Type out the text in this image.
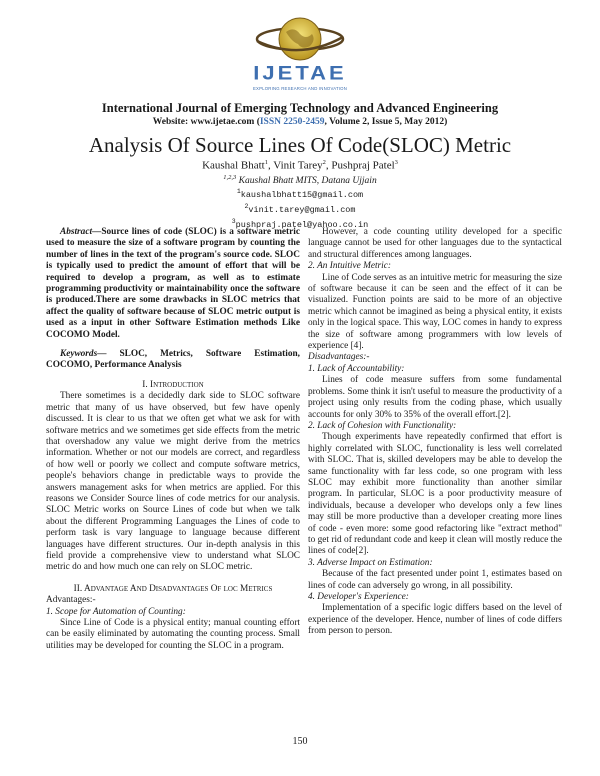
IJETAE
EXPLORING RESEARCH AND INNOVATION
International Journal of Emerging Technology and Advanced Engineering
Website: www.ijetae.com (ISSN 2250-2459, Volume 2, Issue 5, May 2012)
Analysis Of Source Lines Of Code(SLOC) Metric
Kaushal Bhatt$^1$, Vinit Tarey$^2$, Pushpraj Patel$^3$
$^{1,2,3}$ Kaushal Bhatt MITS, Datana Ujjain
$^1$kaushalbhatt15@gmail.com
$^2$vinit.tarey@gmail.com
$^3$pushpraj.patel@yahoo.co.in

Abstract—Source lines of code (SLOC) is a software metric used to measure the size of a software program by counting the number of lines in the text of the program's source code. SLOC is typically used to predict the amount of effort that will be required to develop a program, as well as to estimate programming productivity or maintainability once the software is produced.There are some drawbacks in SLOC metrics that affect the quality of software because of SLOC metric output is used as a input in other Software Estimation methods Like COCOMO Model.

Keywords— SLOC, Metrics, Software Estimation, COCOMO, Performance Analysis

I. Introduction

There sometimes is a decidedly dark side to SLOC software metric that many of us have observed, but few have openly discussed. It is clear to us that we often get what we ask for with software metrics and we sometimes get side effects from the metric that overshadow any value we might derive from the metrics information. Whether or not our models are correct, and regardless of how well or poorly we collect and compute software metrics, people's behaviors change in predictable ways to provide the answers management asks for when metrics are applied. For this reasons we Consider Source lines of code metrics for our analysis. SLOC Metric works on Source Lines of code but when we talk about the different Programming Languages the Lines of code to perform task is vary language to language because different languages have different structures. Our in-depth analysis in this field provide a comprehensive view to understand what SLOC metric do and how much one can rely on SLOC metric.

II. Advantage And Disadvantages Of loc Metrics

Advantages:-

1. Scope for Automation of Counting:

Since Line of Code is a physical entity; manual counting effort can be easily eliminated by automating the counting process. Small utilities may be developed for counting the SLOC in a program.

However, a code counting utility developed for a specific language cannot be used for other languages due to the syntactical and structural differences among languages.

2. An Intuitive Metric:

Line of Code serves as an intuitive metric for measuring the size of software because it can be seen and the effect of it can be visualized. Function points are said to be more of an objective metric which cannot be imagined as being a physical entity, it exists only in the logical space. This way, LOC comes in handy to express the size of software among programmers with low levels of experience [4].

Disadvantages:-

1. Lack of Accountability:

Lines of code measure suffers from some fundamental problems. Some think it isn't useful to measure the productivity of a project using only results from the coding phase, which usually accounts for only 30% to 35% of the overall effort.[2].

2. Lack of Cohesion with Functionality:

Though experiments have repeatedly confirmed that effort is highly correlated with SLOC, functionality is less well correlated with SLOC. That is, skilled developers may be able to develop the same functionality with far less code, so one program with less SLOC may exhibit more functionality than another similar program. In particular, SLOC is a poor productivity measure of individuals, because a developer who develops only a few lines may still be more productive than a developer creating more lines of code - even more: some good refactoring like "extract method" to get rid of redundant code and keep it clean will mostly reduce the lines of code[2].

3. Adverse Impact on Estimation:

Because of the fact presented under point 1, estimates based on lines of code can adversely go wrong, in all possibility.

4. Developer's Experience:

Implementation of a specific logic differs based on the level of experience of the developer. Hence, number of lines of code differs from person to person.

150
